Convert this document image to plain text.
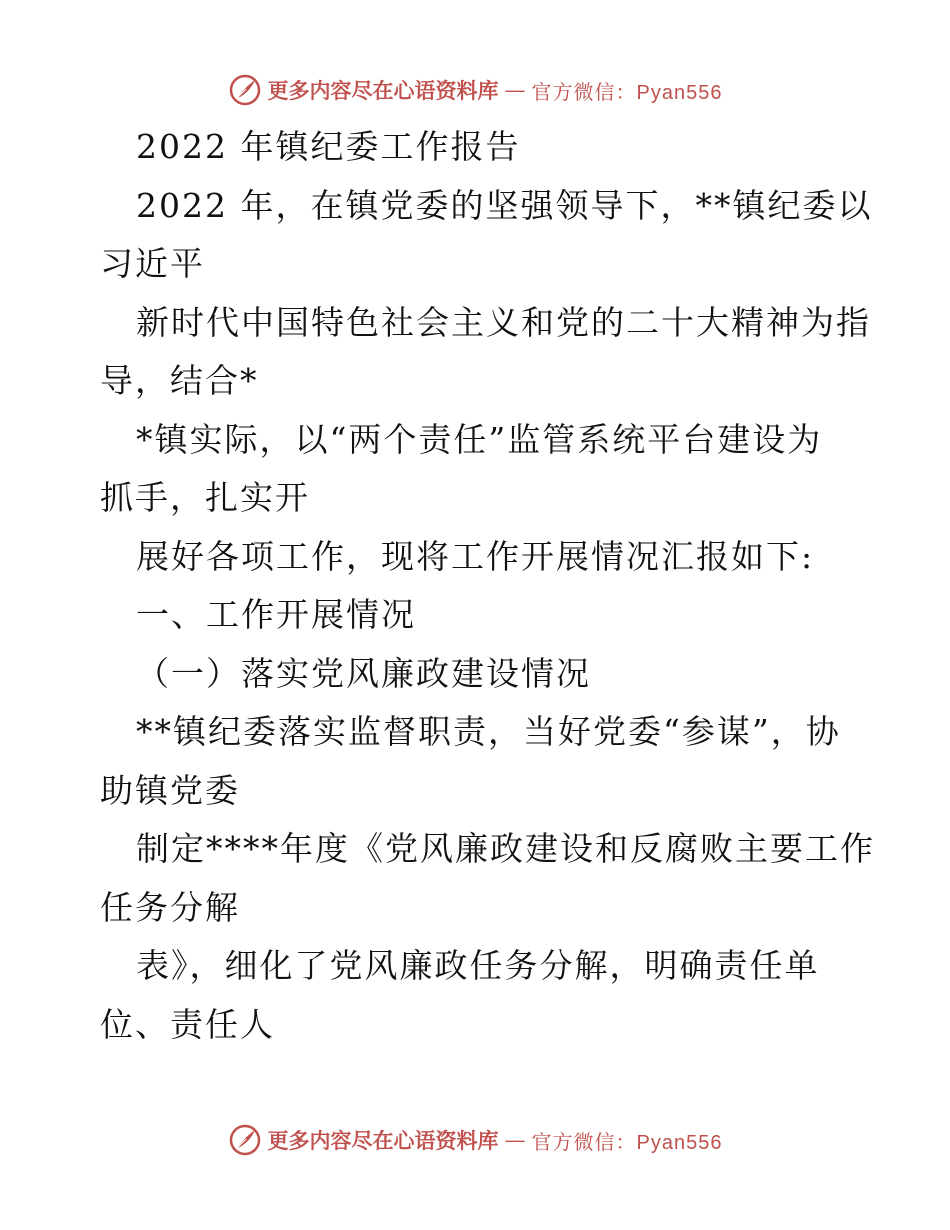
更多内容尽在心语资料库 — 官方微信：Pyan556
2022 年镇纪委工作报告
2022 年，在镇党委的坚强领导下，**镇纪委以
习近平
新时代中国特色社会主义和党的二十大精神为指
导，结合*
*镇实际，以“两个责任”监管系统平台建设为
抓手，扎实开
展好各项工作，现将工作开展情况汇报如下:
一、工作开展情况
（一）落实党风廉政建设情况
**镇纪委落实监督职责，当好党委“参谋”，协
助镇党委
制定****年度《党风廉政建设和反腐败主要工作
任务分解
表》，细化了党风廉政任务分解，明确责任单
位、责任人
更多内容尽在心语资料库 — 官方微信：Pyan556
